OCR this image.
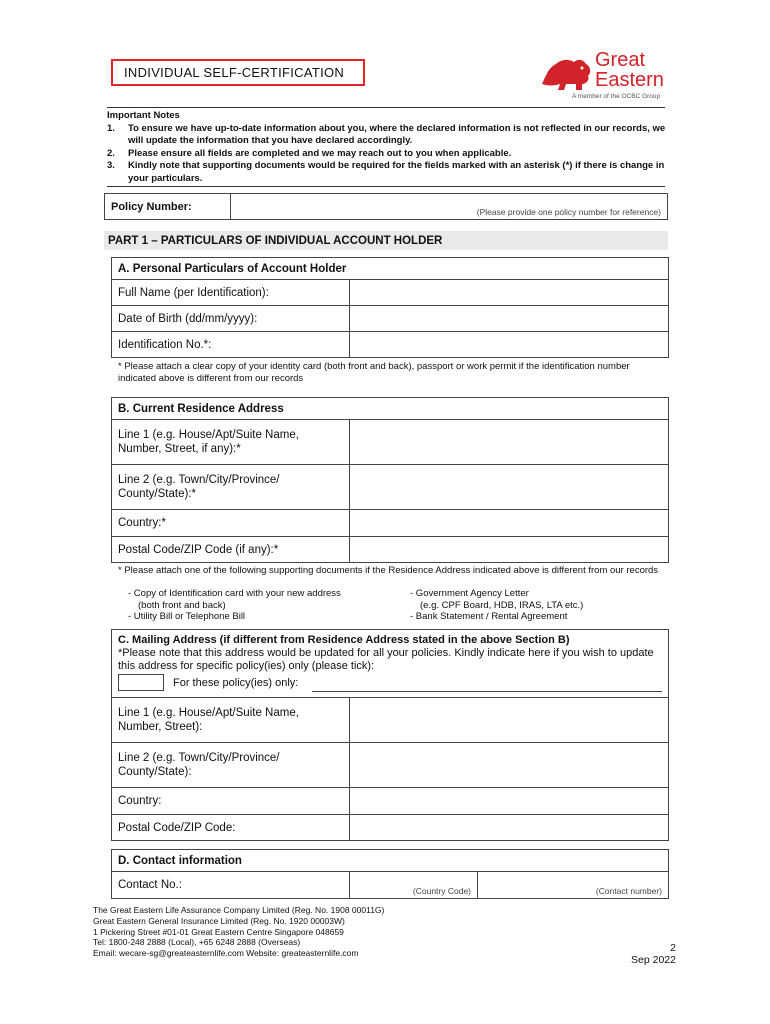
INDIVIDUAL SELF-CERTIFICATION
Great
Eastern
A member of the OCBC Group
Important Notes
1. To ensure we have up-to-date information about you, where the declared information is not reflected in our records, we will update the information that you have declared accordingly.
2. Please ensure all fields are completed and we may reach out to you when applicable.
3. Kindly note that supporting documents would be required for the fields marked with an asterisk (*) if there is change in your particulars.
Policy Number:	(Please provide one policy number for reference)
PART 1 – PARTICULARS OF INDIVIDUAL ACCOUNT HOLDER
A. Personal Particulars of Account Holder	
Full Name (per Identification):	
Date of Birth (dd/mm/yyyy):	
Identification No.*:	
* Please attach a clear copy of your identity card (both front and back), passport or work permit if the identification number indicated above is different from our records
B. Current Residence Address	
Line 1 (e.g. House/Apt/Suite Name, Number, Street, if any):*	
Line 2 (e.g. Town/City/Province/ County/State):*	
Country:*	
Postal Code/ZIP Code (if any):*	
* Please attach one of the following supporting documents if the Residence Address indicated above is different from our records
- Copy of Identification card with your new address
(both front and back)
- Utility Bill or Telephone Bill
- Government Agency Letter
(e.g. CPF Board, HDB, IRAS, LTA etc.)
- Bank Statement / Rental Agreement
C. Mailing Address (if different from Residence Address stated in the above Section B)
*Please note that this address would be updated for all your policies. Kindly indicate here if you wish to update this address for specific policy(ies) only (please tick):
For these policy(ies) only:
Line 1 (e.g. House/Apt/Suite Name, Number, Street):	
Line 2 (e.g. Town/City/Province/ County/State):	
Country:	
Postal Code/ZIP Code:	
D. Contact information
Contact No.:	(Country Code)	(Contact number)
The Great Eastern Life Assurance Company Limited (Reg. No. 1908 00011G)
Great Eastern General Insurance Limited (Reg. No. 1920 00003W)
1 Pickering Street #01-01 Great Eastern Centre Singapore 048659
Tel: 1800-248 2888 (Local), +65 6248 2888 (Overseas)
Email: wecare-sg@greateasternlife.com Website: greateasternlife.com	2
Sep 2022
